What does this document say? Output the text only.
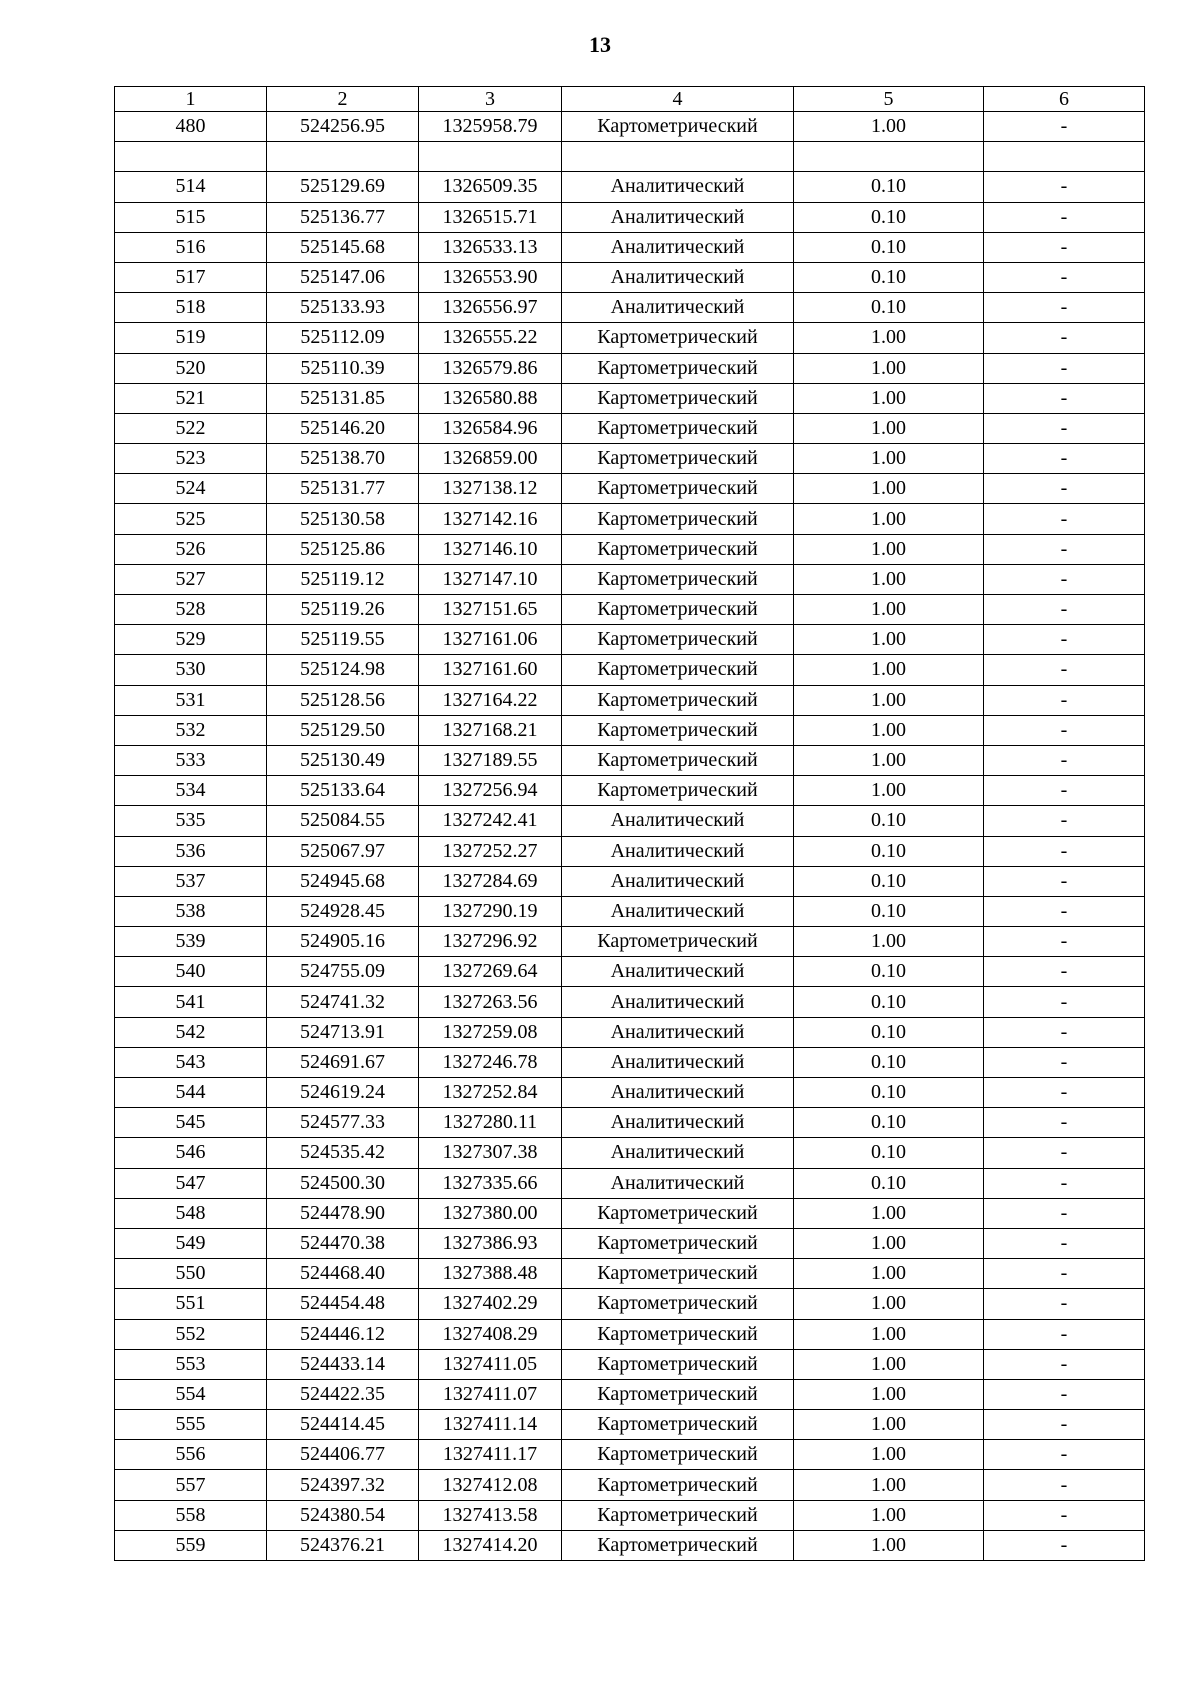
13
1	2	3	4	5	6
480	524256.95	1325958.79	Картометрический	1.00	-

514	525129.69	1326509.35	Аналитический	0.10	-
515	525136.77	1326515.71	Аналитический	0.10	-
516	525145.68	1326533.13	Аналитический	0.10	-
517	525147.06	1326553.90	Аналитический	0.10	-
518	525133.93	1326556.97	Аналитический	0.10	-
519	525112.09	1326555.22	Картометрический	1.00	-
520	525110.39	1326579.86	Картометрический	1.00	-
521	525131.85	1326580.88	Картометрический	1.00	-
522	525146.20	1326584.96	Картометрический	1.00	-
523	525138.70	1326859.00	Картометрический	1.00	-
524	525131.77	1327138.12	Картометрический	1.00	-
525	525130.58	1327142.16	Картометрический	1.00	-
526	525125.86	1327146.10	Картометрический	1.00	-
527	525119.12	1327147.10	Картометрический	1.00	-
528	525119.26	1327151.65	Картометрический	1.00	-
529	525119.55	1327161.06	Картометрический	1.00	-
530	525124.98	1327161.60	Картометрический	1.00	-
531	525128.56	1327164.22	Картометрический	1.00	-
532	525129.50	1327168.21	Картометрический	1.00	-
533	525130.49	1327189.55	Картометрический	1.00	-
534	525133.64	1327256.94	Картометрический	1.00	-
535	525084.55	1327242.41	Аналитический	0.10	-
536	525067.97	1327252.27	Аналитический	0.10	-
537	524945.68	1327284.69	Аналитический	0.10	-
538	524928.45	1327290.19	Аналитический	0.10	-
539	524905.16	1327296.92	Картометрический	1.00	-
540	524755.09	1327269.64	Аналитический	0.10	-
541	524741.32	1327263.56	Аналитический	0.10	-
542	524713.91	1327259.08	Аналитический	0.10	-
543	524691.67	1327246.78	Аналитический	0.10	-
544	524619.24	1327252.84	Аналитический	0.10	-
545	524577.33	1327280.11	Аналитический	0.10	-
546	524535.42	1327307.38	Аналитический	0.10	-
547	524500.30	1327335.66	Аналитический	0.10	-
548	524478.90	1327380.00	Картометрический	1.00	-
549	524470.38	1327386.93	Картометрический	1.00	-
550	524468.40	1327388.48	Картометрический	1.00	-
551	524454.48	1327402.29	Картометрический	1.00	-
552	524446.12	1327408.29	Картометрический	1.00	-
553	524433.14	1327411.05	Картометрический	1.00	-
554	524422.35	1327411.07	Картометрический	1.00	-
555	524414.45	1327411.14	Картометрический	1.00	-
556	524406.77	1327411.17	Картометрический	1.00	-
557	524397.32	1327412.08	Картометрический	1.00	-
558	524380.54	1327413.58	Картометрический	1.00	-
559	524376.21	1327414.20	Картометрический	1.00	-
